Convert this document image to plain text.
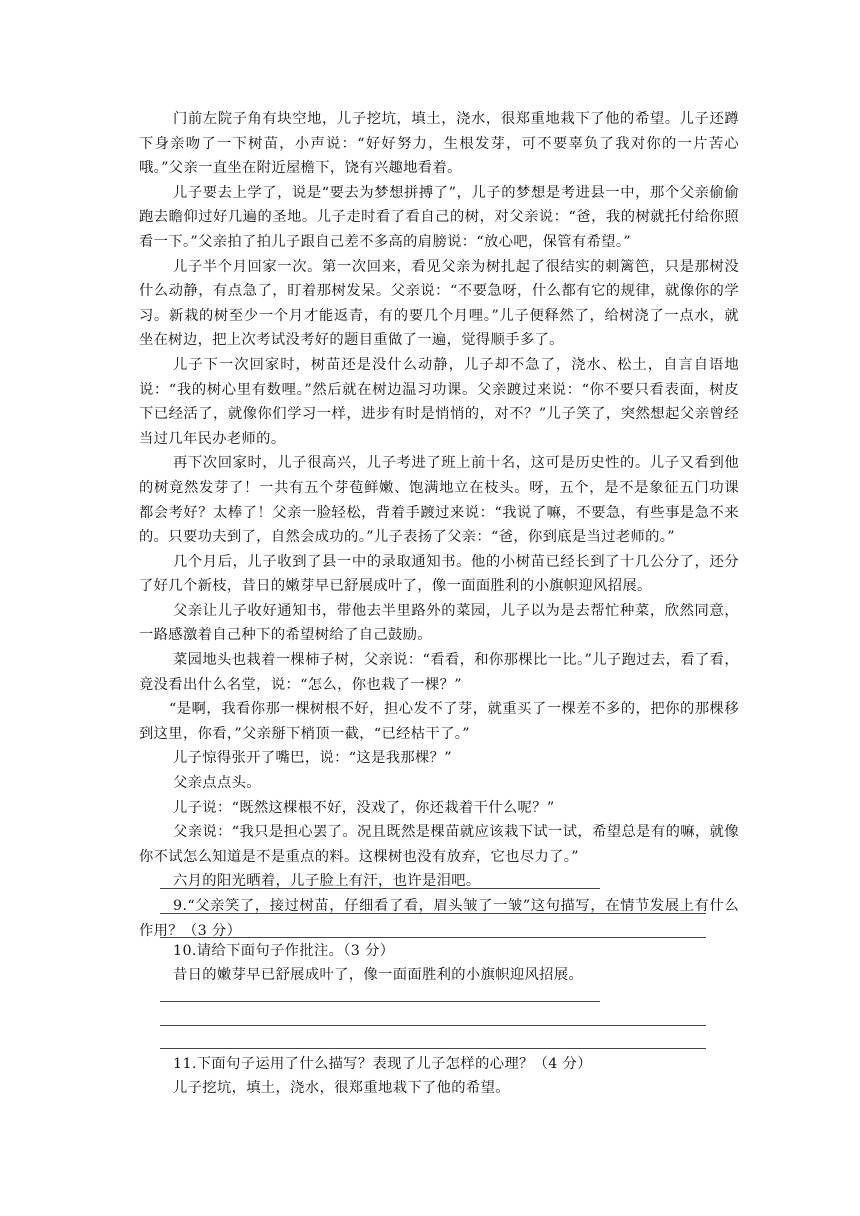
门前左院子角有块空地，儿子挖坑，填土，浇水，很郑重地栽下了他的希望。儿子还蹲下身亲吻了一下树苗，小声说：“好好努力，生根发芽，可不要辜负了我对你的一片苦心哦。”父亲一直坐在附近屋檐下，饶有兴趣地看着。

儿子要去上学了，说是“要去为梦想拼搏了”，儿子的梦想是考进县一中，那个父亲偷偷跑去瞻仰过好几遍的圣地。儿子走时看了看自己的树，对父亲说：“爸，我的树就托付给你照看一下。”父亲拍了拍儿子跟自己差不多高的肩膀说：“放心吧，保管有希望。”

儿子半个月回家一次。第一次回来，看见父亲为树扎起了很结实的刺篱笆，只是那树没什么动静，有点急了，盯着那树发呆。父亲说：“不要急呀，什么都有它的规律，就像你的学习。新栽的树至少一个月才能返青，有的要几个月哩。”儿子便释然了，给树浇了一点水，就坐在树边，把上次考试没考好的题目重做了一遍，觉得顺手多了。

儿子下一次回家时，树苗还是没什么动静，儿子却不急了，浇水、松土，自言自语地说：“我的树心里有数哩。”然后就在树边温习功课。父亲踱过来说：“你不要只看表面，树皮下已经活了，就像你们学习一样，进步有时是悄悄的，对不？”儿子笑了，突然想起父亲曾经当过几年民办老师的。

再下次回家时，儿子很高兴，儿子考进了班上前十名，这可是历史性的。儿子又看到他的树竟然发芽了！一共有五个芽苞鲜嫩、饱满地立在枝头。呀，五个，是不是象征五门功课都会考好？太棒了！父亲一脸轻松，背着手踱过来说：“我说了嘛，不要急，有些事是急不来的。只要功夫到了，自然会成功的。”儿子表扬了父亲：“爸，你到底是当过老师的。”

几个月后，儿子收到了县一中的录取通知书。他的小树苗已经长到了十几公分了，还分了好几个新枝，昔日的嫩芽早已舒展成叶了，像一面面胜利的小旗帜迎风招展。

父亲让儿子收好通知书，带他去半里路外的菜园，儿子以为是去帮忙种菜，欣然同意，一路感激着自己种下的希望树给了自己鼓励。

菜园地头也栽着一棵柿子树，父亲说：“看看，和你那棵比一比。”儿子跑过去，看了看，竟没看出什么名堂，说：“怎么，你也栽了一棵？”

“是啊，我看你那一棵树根不好，担心发不了芽，就重买了一棵差不多的，把你的那棵移到这里，你看，”父亲掰下梢顶一截，“已经枯干了。”

儿子惊得张开了嘴巴，说：“这是我那棵？”

父亲点点头。

儿子说：“既然这棵根不好，没戏了，你还栽着干什么呢？”

父亲说：“我只是担心罢了。况且既然是棵苗就应该栽下试一试，希望总是有的嘛，就像你不试怎么知道是不是重点的料。这棵树也没有放弃，它也尽力了。”

六月的阳光晒着，儿子脸上有汗，也许是泪吧。

9.“父亲笑了，接过树苗，仔细看了看，眉头皱了一皱”这句描写，在情节发展上有什么作用？（3 分）

10.请给下面句子作批注。（3 分）
昔日的嫩芽早已舒展成叶了，像一面面胜利的小旗帜迎风招展。
11.下面句子运用了什么描写？表现了儿子怎样的心理？（4 分）
儿子挖坑，填土，浇水，很郑重地栽下了他的希望。
